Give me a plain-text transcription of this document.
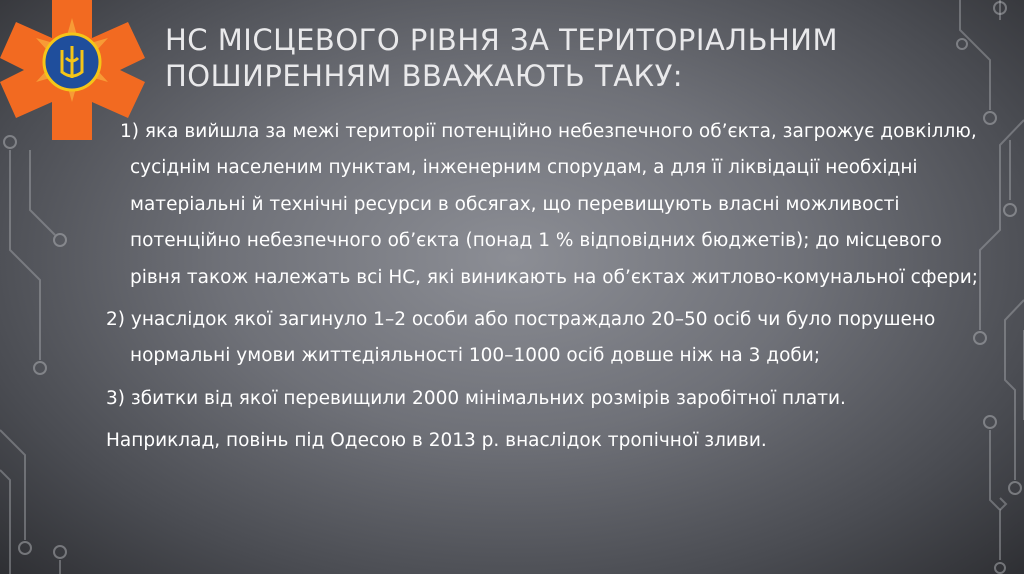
НС МІСЦЕВОГО РІВНЯ ЗА ТЕРИТОРІАЛЬНИМ
ПОШИРЕННЯМ ВВАЖАЮТЬ ТАКУ:
1) яка вийшла за межі території потенційно небезпечного об’єкта, загрожує довкіллю, сусіднім населеним пунктам, інженерним спорудам, а для її ліквідації необхідні матеріальні й технічні ресурси в обсягах, що перевищують власні можливості потенційно небезпечного об’єкта (понад 1 % відповідних бюджетів); до місцевого рівня також належать всі НС, які виникають на об’єктах житлово-комунальної сфери;
2) унаслідок якої загинуло 1–2 особи або постраждало 20–50 осіб чи було порушено нормальні умови життєдіяльності 100–1000 осіб довше ніж на 3 доби;
3) збитки від якої перевищили 2000 мінімальних розмірів заробітної плати.
Наприклад, повінь під Одесою в 2013 р. внаслідок тропічної зливи.
